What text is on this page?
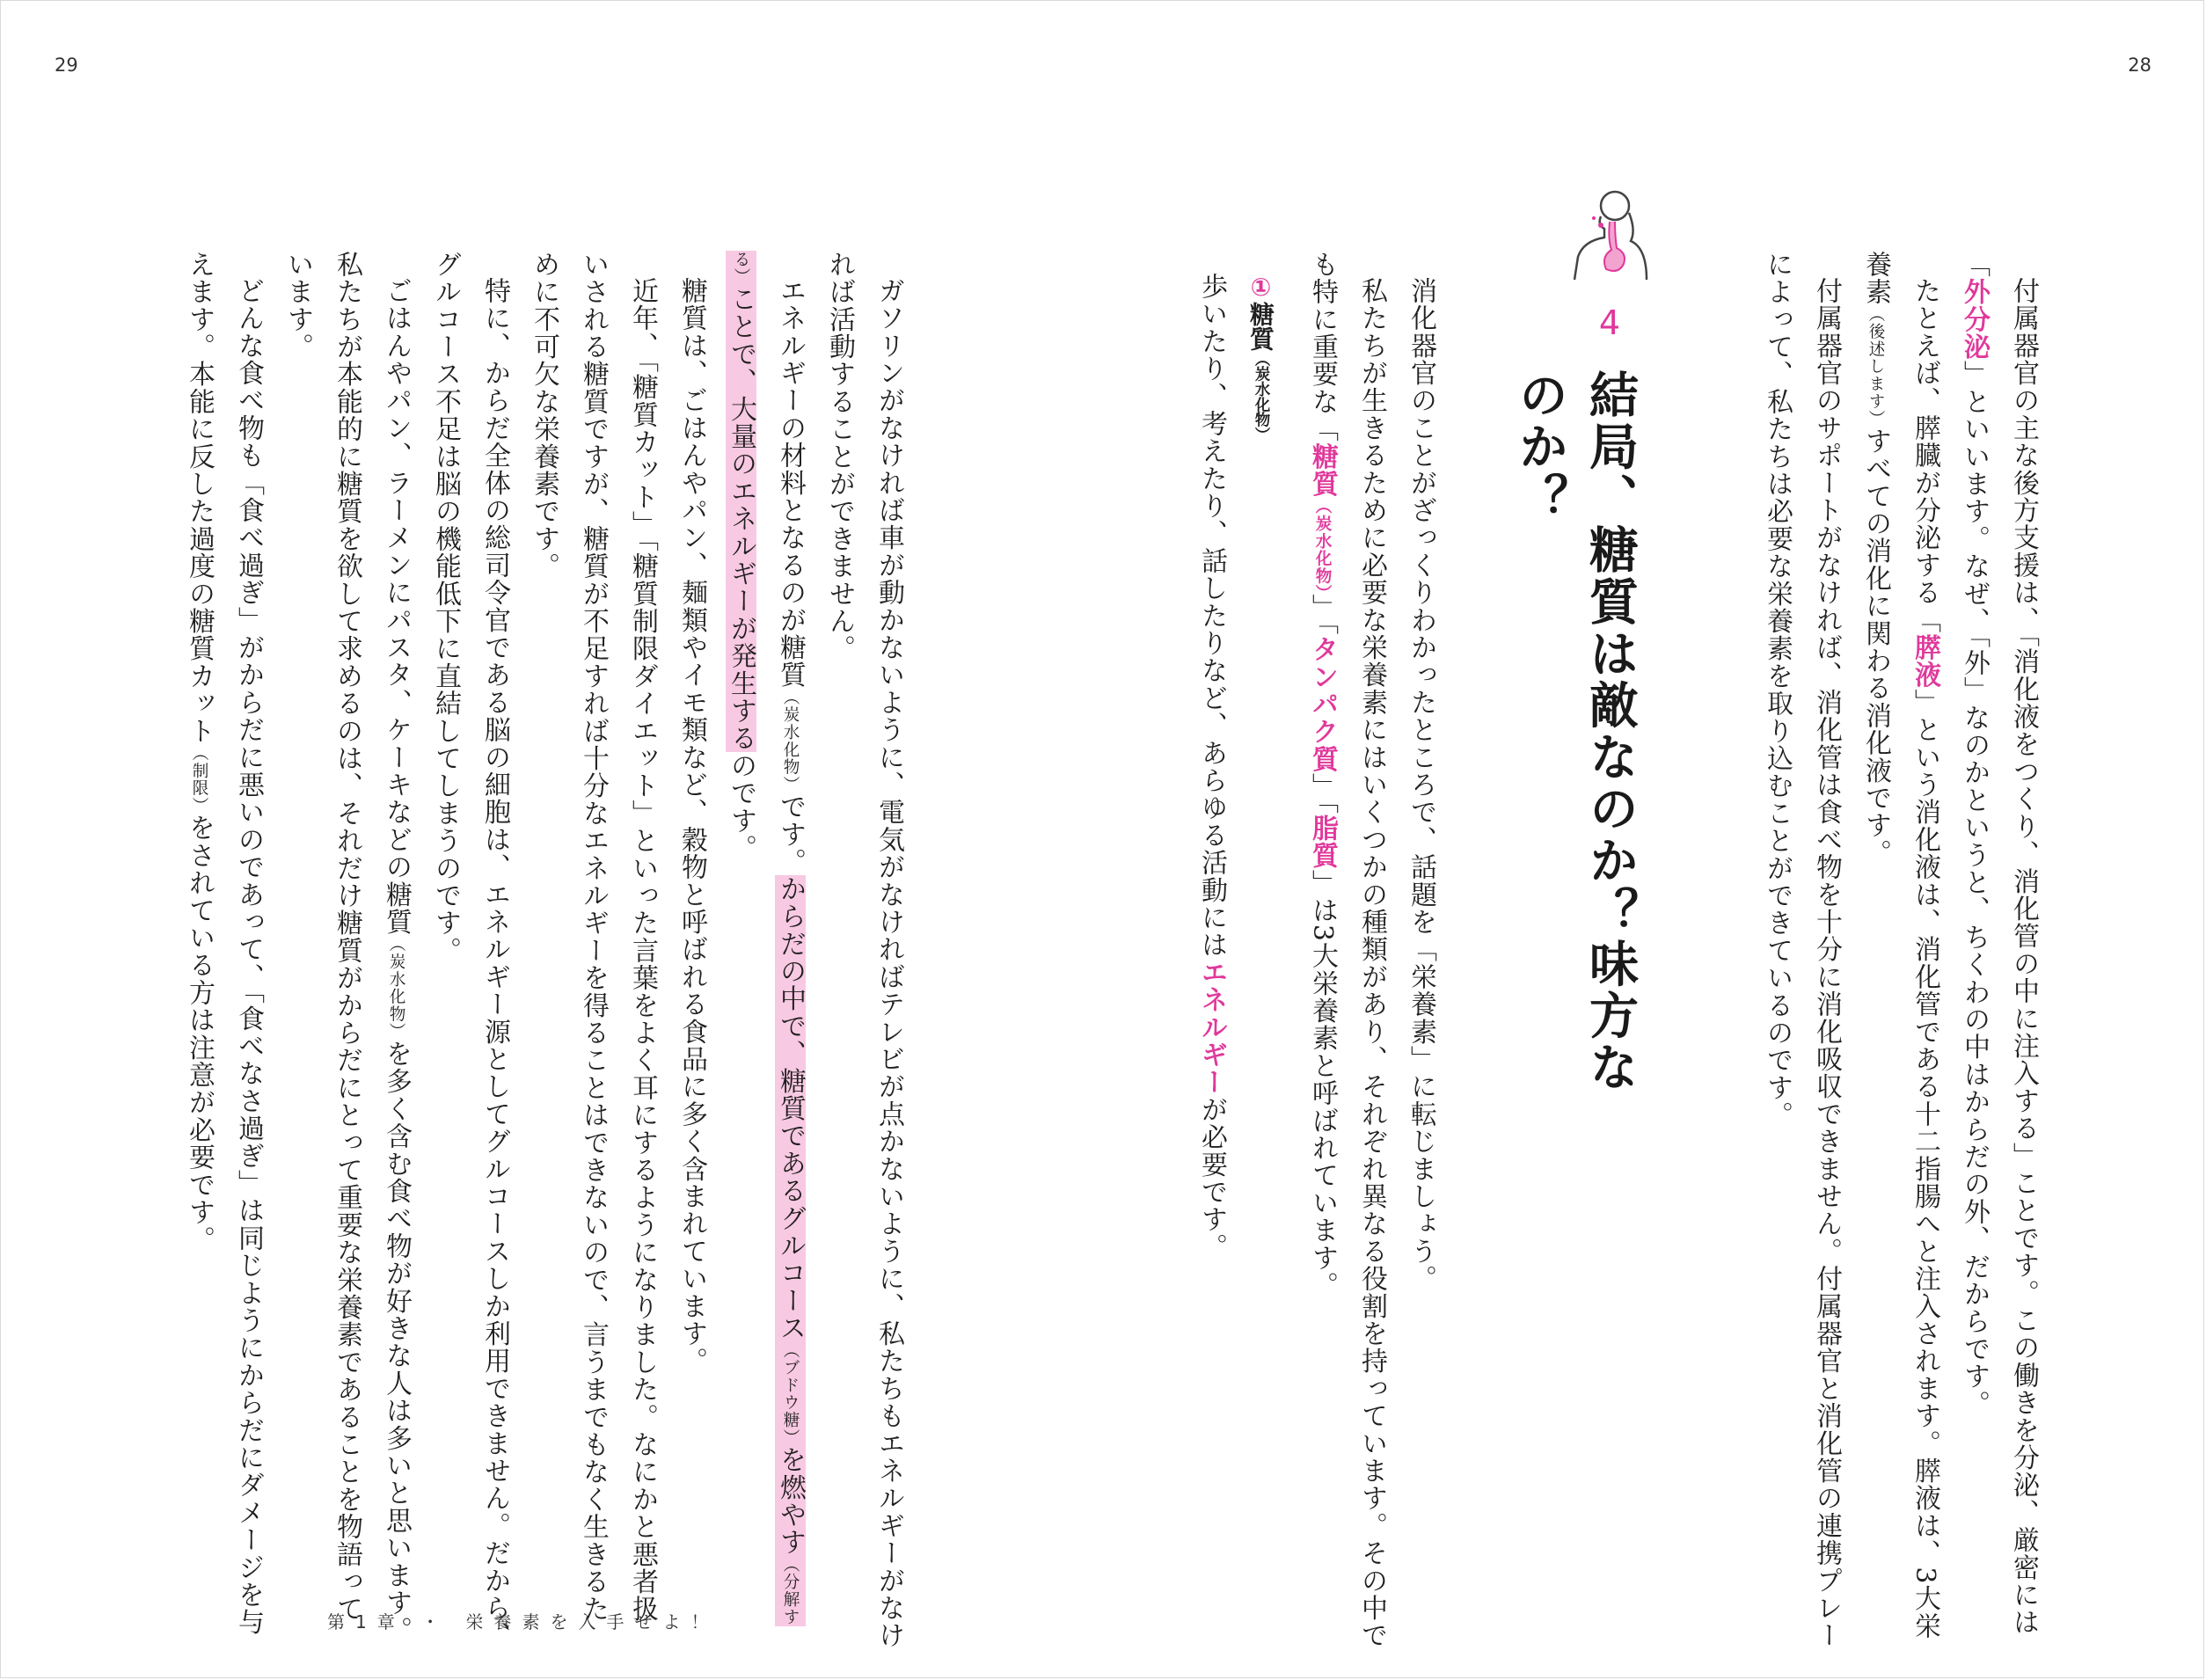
29	28

付属器官の主な後方支援は、「消化液をつくり、消化管の中に注入する」ことです。この働きを分泌、厳密には「外分泌」といいます。なぜ、「外」なのかというと、ちくわの中はからだの外、だからです。

たとえば、膵臓が分泌する「膵液」という消化液は、消化管である十二指腸へと注入されます。膵液は、3大栄養素（後述します）すべての消化に関わる消化液です。

付属器官のサポートがなければ、消化管は食べ物を十分に消化吸収できません。付属器官と消化管の連携プレーによって、私たちは必要な栄養素を取り込むことができているのです。

4
結局、糖質は敵なのか？味方なのか？

消化器官のことがざっくりわかったところで、話題を「栄養素」に転じましょう。

私たちが生きるために必要な栄養素にはいくつかの種類があり、それぞれ異なる役割を持っています。その中でも特に重要な「糖質（炭水化物）」「タンパク質」「脂質」は3大栄養素と呼ばれています。

①糖質（炭水化物）
歩いたり、考えたり、話したりなど、あらゆる活動にはエネルギーが必要です。

ガソリンがなければ車が動かないように、電気がなければテレビが点かないように、私たちもエネルギーがなければ活動することができません。

エネルギーの材料となるのが糖質（炭水化物）です。からだの中で、糖質であるグルコース（ブドウ糖）を燃やす（分解する）ことで、大量のエネルギーが発生するのです。

糖質は、ごはんやパン、麺類やイモ類など、穀物と呼ばれる食品に多く含まれています。

近年、「糖質カット」「糖質制限ダイエット」といった言葉をよく耳にするようになりました。なにかと悪者扱いされる糖質ですが、糖質が不足すれば十分なエネルギーを得ることはできないので、言うまでもなく生きるために不可欠な栄養素です。

特に、からだ全体の総司令官である脳の細胞は、エネルギー源としてグルコースしか利用できません。だから、グルコース不足は脳の機能低下に直結してしまうのです。

ごはんやパン、ラーメンにパスタ、ケーキなどの糖質（炭水化物）を多く含む食べ物が好きな人は多いと思います。私たちが本能的に糖質を欲して求めるのは、それだけ糖質がからだにとって重要な栄養素であることを物語っています。

どんな食べ物も「食べ過ぎ」がからだに悪いのであって、「食べなさ過ぎ」は同じようにからだにダメージを与えます。本能に反した過度の糖質カット（制限）をされている方は注意が必要です。

第1章 ・ 栄養素を入手せよ！
